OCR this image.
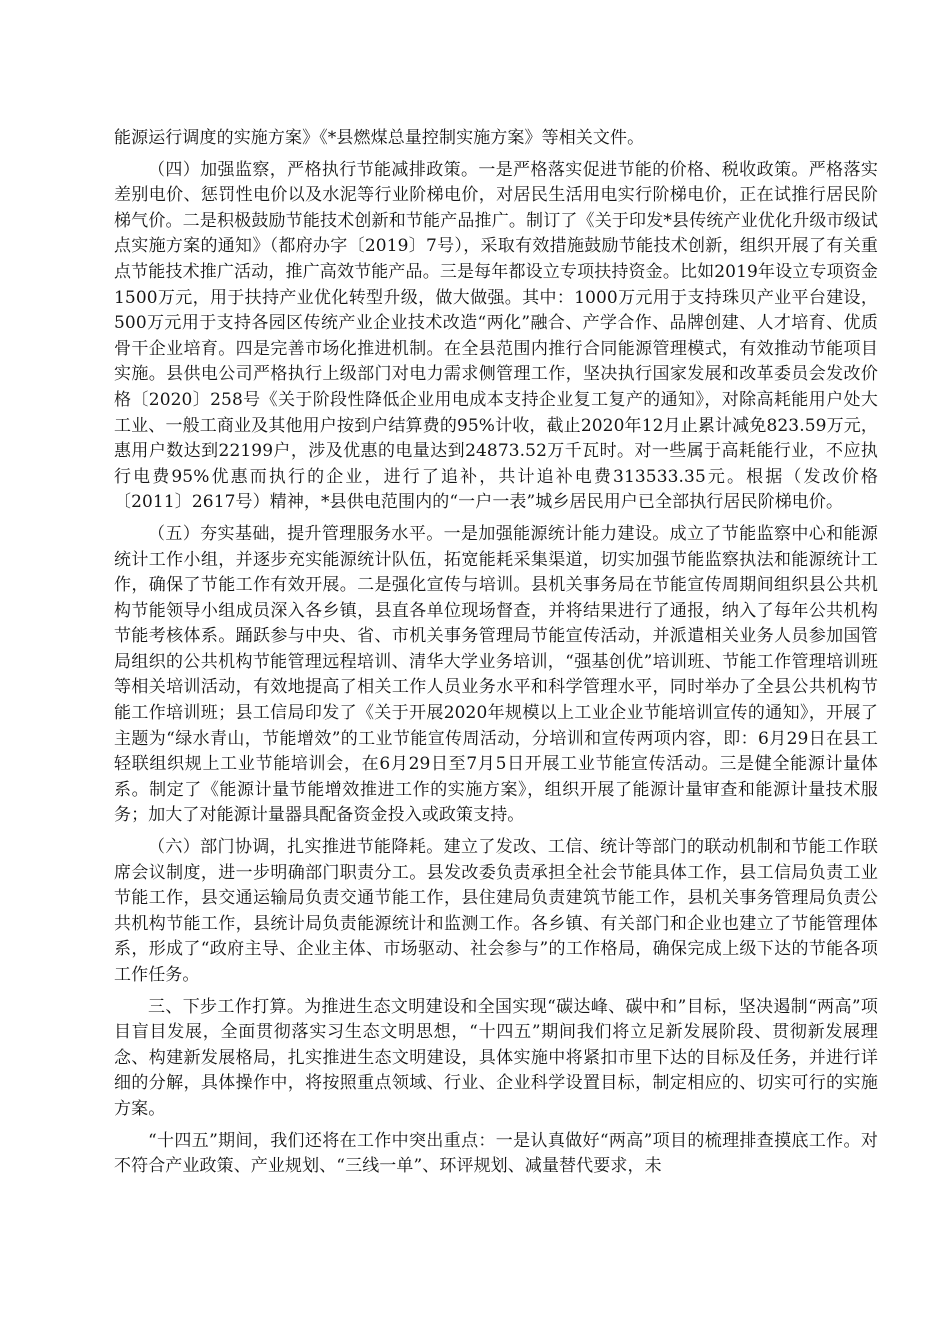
能源运行调度的实施方案》《*县燃煤总量控制实施方案》等相关文件。

（四）加强监察，严格执行节能减排政策。一是严格落实促进节能的价格、税收政策。严格落实差别电价、惩罚性电价以及水泥等行业阶梯电价，对居民生活用电实行阶梯电价，正在试推行居民阶梯气价。二是积极鼓励节能技术创新和节能产品推广。制订了《关于印发*县传统产业优化升级市级试点实施方案的通知》（都府办字〔2019〕7号），采取有效措施鼓励节能技术创新，组织开展了有关重点节能技术推广活动，推广高效节能产品。三是每年都设立专项扶持资金。比如2019年设立专项资金1500万元，用于扶持产业优化转型升级，做大做强。其中：1000万元用于支持珠贝产业平台建设，500万元用于支持各园区传统产业企业技术改造“两化”融合、产学合作、品牌创建、人才培育、优质骨干企业培育。四是完善市场化推进机制。在全县范围内推行合同能源管理模式，有效推动节能项目实施。县供电公司严格执行上级部门对电力需求侧管理工作，坚决执行国家发展和改革委员会发改价格〔2020〕258号《关于阶段性降低企业用电成本支持企业复工复产的通知》，对除高耗能用户处大工业、一般工商业及其他用户按到户结算费的95%计收，截止2020年12月止累计减免823.59万元，惠用户数达到22199户，涉及优惠的电量达到24873.52万千瓦时。对一些属于高耗能行业，不应执行电费95%优惠而执行的企业，进行了追补，共计追补电费313533.35元。根据（发改价格〔2011〕2617号）精神，*县供电范围内的“一户一表”城乡居民用户已全部执行居民阶梯电价。

（五）夯实基础，提升管理服务水平。一是加强能源统计能力建设。成立了节能监察中心和能源统计工作小组，并逐步充实能源统计队伍，拓宽能耗采集渠道，切实加强节能监察执法和能源统计工作，确保了节能工作有效开展。二是强化宣传与培训。县机关事务局在节能宣传周期间组织县公共机构节能领导小组成员深入各乡镇，县直各单位现场督查，并将结果进行了通报，纳入了每年公共机构节能考核体系。踊跃参与中央、省、市机关事务管理局节能宣传活动，并派遣相关业务人员参加国管局组织的公共机构节能管理远程培训、清华大学业务培训，“强基创优”培训班、节能工作管理培训班等相关培训活动，有效地提高了相关工作人员业务水平和科学管理水平，同时举办了全县公共机构节能工作培训班；县工信局印发了《关于开展2020年规模以上工业企业节能培训宣传的通知》，开展了主题为“绿水青山，节能增效”的工业节能宣传周活动，分培训和宣传两项内容，即：6月29日在县工轻联组织规上工业节能培训会，在6月29日至7月5日开展工业节能宣传活动。三是健全能源计量体系。制定了《能源计量节能增效推进工作的实施方案》，组织开展了能源计量审查和能源计量技术服务；加大了对能源计量器具配备资金投入或政策支持。

（六）部门协调，扎实推进节能降耗。建立了发改、工信、统计等部门的联动机制和节能工作联席会议制度，进一步明确部门职责分工。县发改委负责承担全社会节能具体工作，县工信局负责工业节能工作，县交通运输局负责交通节能工作，县住建局负责建筑节能工作，县机关事务管理局负责公共机构节能工作，县统计局负责能源统计和监测工作。各乡镇、有关部门和企业也建立了节能管理体系，形成了“政府主导、企业主体、市场驱动、社会参与”的工作格局，确保完成上级下达的节能各项工作任务。

三、下步工作打算。为推进生态文明建设和全国实现“碳达峰、碳中和”目标，坚决遏制“两高”项目盲目发展，全面贯彻落实习生态文明思想，“十四五”期间我们将立足新发展阶段、贯彻新发展理念、构建新发展格局，扎实推进生态文明建设，具体实施中将紧扣市里下达的目标及任务，并进行详细的分解，具体操作中，将按照重点领域、行业、企业科学设置目标，制定相应的、切实可行的实施方案。

“十四五”期间，我们还将在工作中突出重点：一是认真做好“两高”项目的梳理排查摸底工作。对不符合产业政策、产业规划、“三线一单”、环评规划、减量替代要求，未
